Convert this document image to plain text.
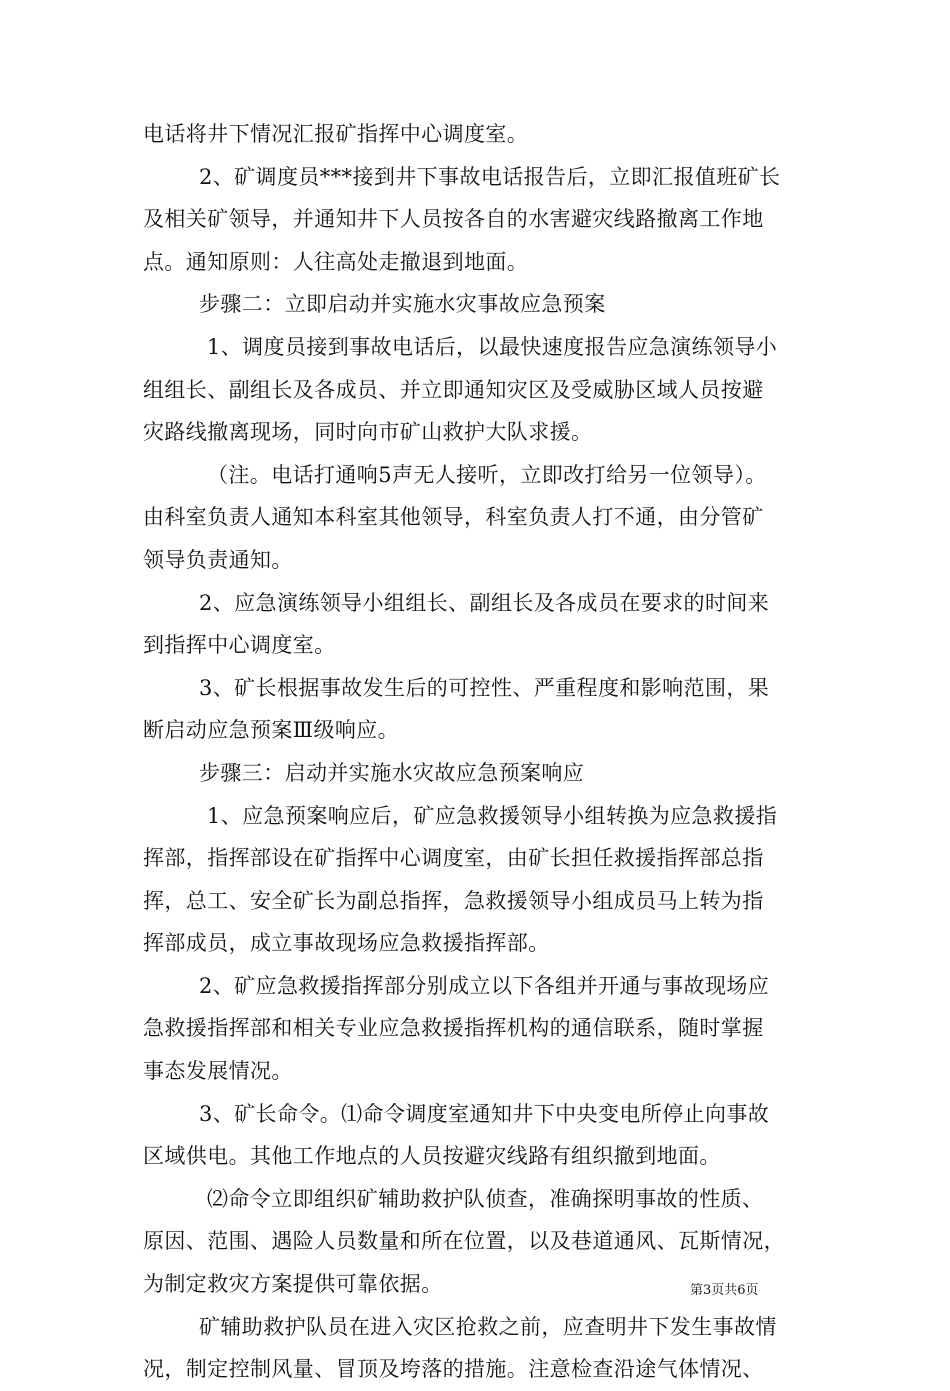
电话将井下情况汇报矿指挥中心调度室。
2、矿调度员***接到井下事故电话报告后，立即汇报值班矿长
及相关矿领导，并通知井下人员按各自的水害避灾线路撤离工作地
点。通知原则：人往高处走撤退到地面。
步骤二：立即启动并实施水灾事故应急预案
1、调度员接到事故电话后，以最快速度报告应急演练领导小
组组长、副组长及各成员、并立即通知灾区及受威胁区域人员按避
灾路线撤离现场，同时向市矿山救护大队求援。
（注。电话打通响5声无人接听，立即改打给另一位领导）。
由科室负责人通知本科室其他领导，科室负责人打不通，由分管矿
领导负责通知。
2、应急演练领导小组组长、副组长及各成员在要求的时间来
到指挥中心调度室。
3、矿长根据事故发生后的可控性、严重程度和影响范围，果
断启动应急预案Ⅲ级响应。
步骤三：启动并实施水灾故应急预案响应
1、应急预案响应后，矿应急救援领导小组转换为应急救援指
挥部，指挥部设在矿指挥中心调度室，由矿长担任救援指挥部总指
挥，总工、安全矿长为副总指挥，急救援领导小组成员马上转为指
挥部成员，成立事故现场应急救援指挥部。
2、矿应急救援指挥部分别成立以下各组并开通与事故现场应
急救援指挥部和相关专业应急救援指挥机构的通信联系，随时掌握
事态发展情况。
3、矿长命令。⑴命令调度室通知井下中央变电所停止向事故
区域供电。其他工作地点的人员按避灾线路有组织撤到地面。
⑵命令立即组织矿辅助救护队侦查，准确探明事故的性质、
原因、范围、遇险人员数量和所在位置，以及巷道通风、瓦斯情况，
为制定救灾方案提供可靠依据。
矿辅助救护队员在进入灾区抢救之前，应查明井下发生事故情
况，制定控制风量、冒顶及垮落的措施。注意检查沿途气体情况、
第3页共6页
